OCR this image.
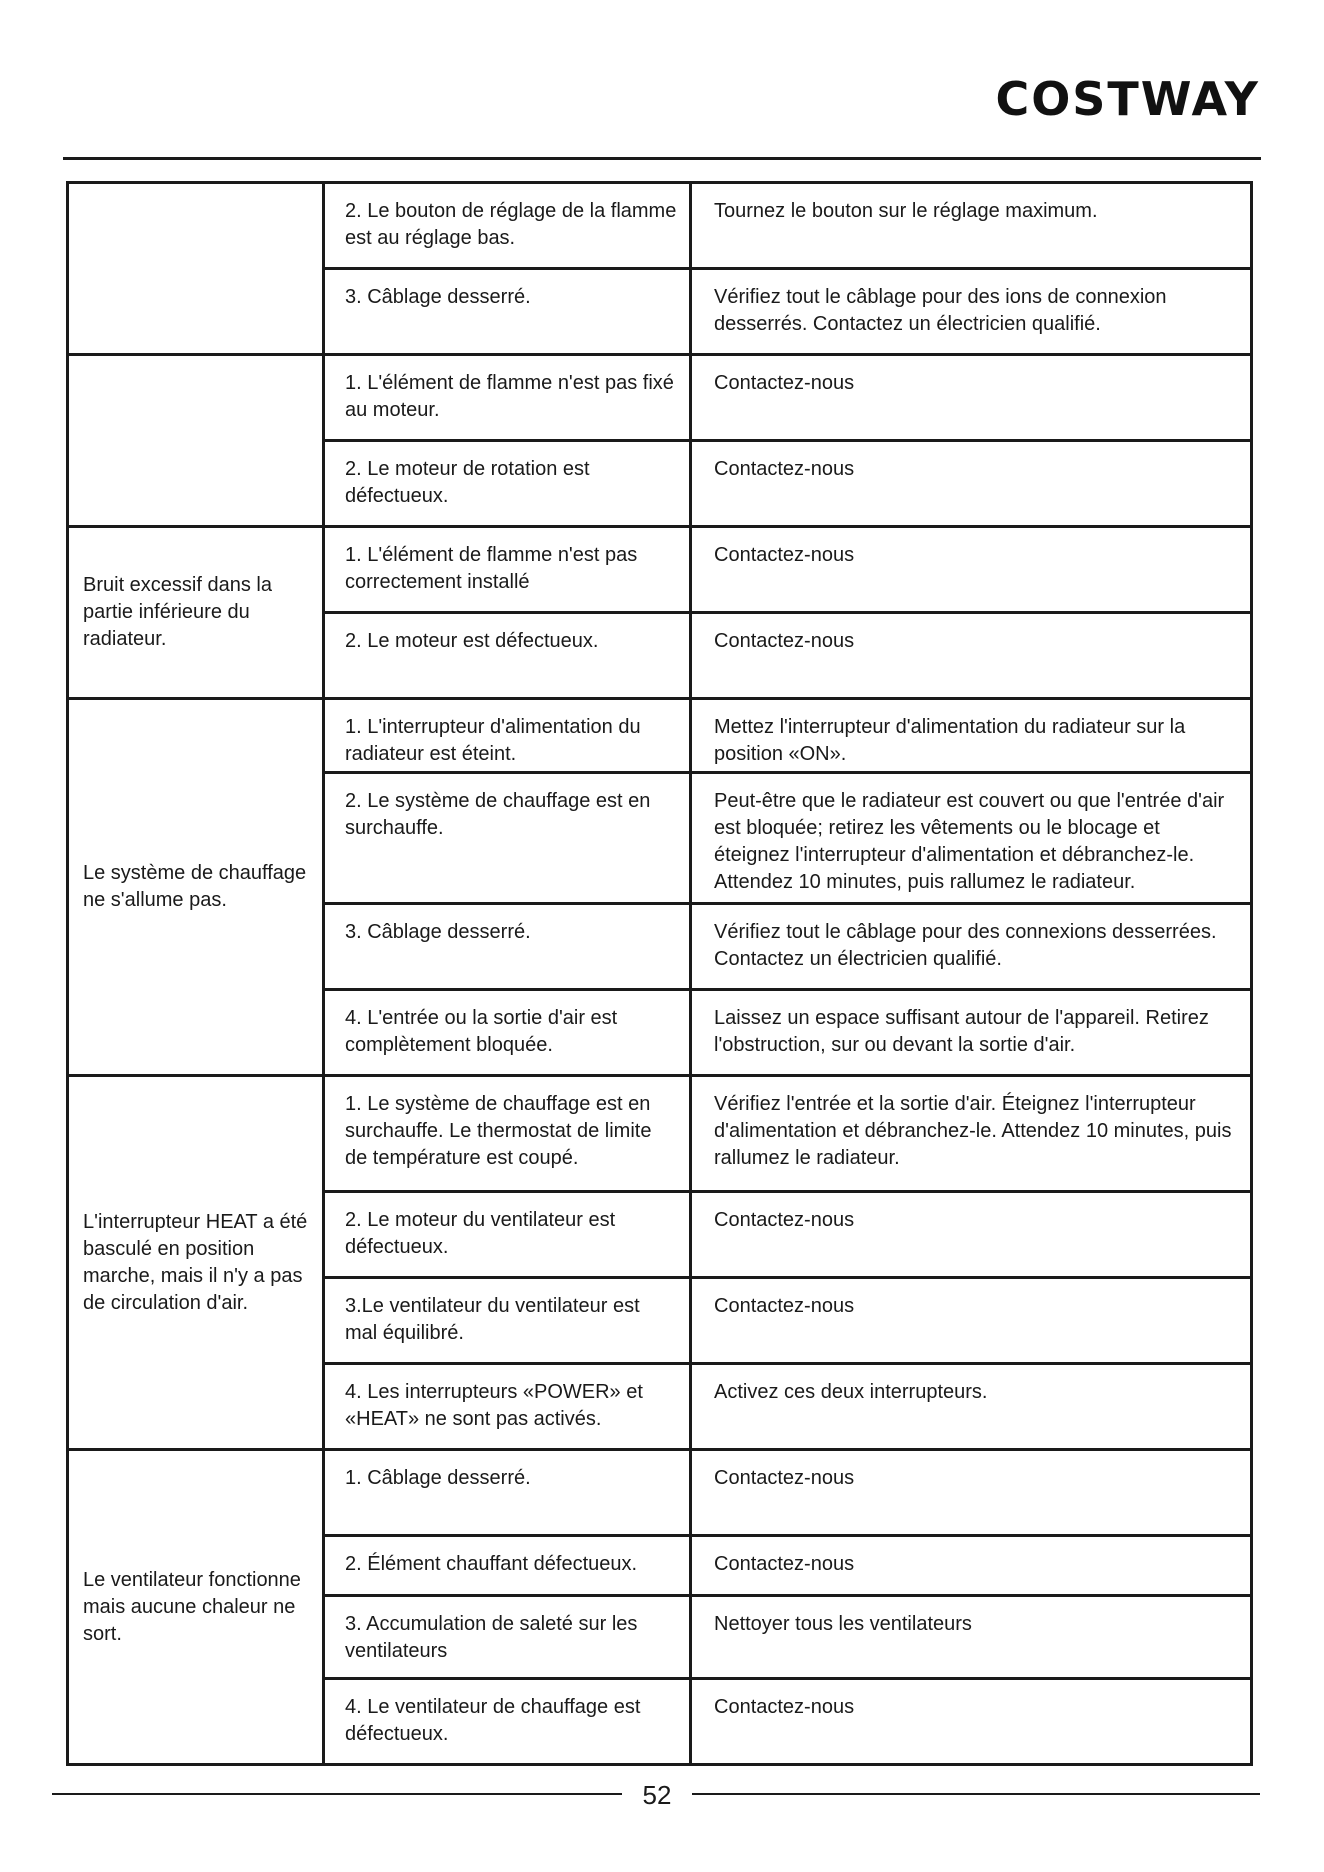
COSTWAY
	2. Le bouton de réglage de la flamme est au réglage bas.	Tournez le bouton sur le réglage maximum.
	3. Câblage desserré.	Vérifiez tout le câblage pour des ions de connexion desserrés. Contactez un électricien qualifié.
	1. L'élément de flamme n'est pas fixé au moteur.	Contactez-nous
	2. Le moteur de rotation est défectueux.	Contactez-nous
Bruit excessif dans la partie inférieure du radiateur.	1. L'élément de flamme n'est pas correctement installé	Contactez-nous
	2. Le moteur est défectueux.	Contactez-nous
Le système de chauffage ne s'allume pas.	1. L'interrupteur d'alimentation du radiateur est éteint.	Mettez l'interrupteur d'alimentation du radiateur sur la position «ON».
	2. Le système de chauffage est en surchauffe.	Peut-être que le radiateur est couvert ou que l'entrée d'air est bloquée; retirez les vêtements ou le blocage et éteignez l'interrupteur d'alimentation et débranchez-le. Attendez 10 minutes, puis rallumez le radiateur.
	3. Câblage desserré.	Vérifiez tout le câblage pour des connexions desserrées. Contactez un électricien qualifié.
	4. L'entrée ou la sortie d'air est complètement bloquée.	Laissez un espace suffisant autour de l'appareil. Retirez l'obstruction, sur ou devant la sortie d'air.
L'interrupteur HEAT a été basculé en position marche, mais il n'y a pas de circulation d'air.	1. Le système de chauffage est en surchauffe. Le thermostat de limite de température est coupé.	Vérifiez l'entrée et la sortie d'air. Éteignez l'interrupteur d'alimentation et débranchez-le. Attendez 10 minutes, puis rallumez le radiateur.
	2. Le moteur du ventilateur est défectueux.	Contactez-nous
	3.Le ventilateur du ventilateur est mal équilibré.	Contactez-nous
	4. Les interrupteurs «POWER» et «HEAT» ne sont pas activés.	Activez ces deux interrupteurs.
Le ventilateur fonctionne mais aucune chaleur ne sort.	1. Câblage desserré.	Contactez-nous
	2. Élément chauffant défectueux.	Contactez-nous
	3. Accumulation de saleté sur les ventilateurs	Nettoyer tous les ventilateurs
	4. Le ventilateur de chauffage est défectueux.	Contactez-nous
52
